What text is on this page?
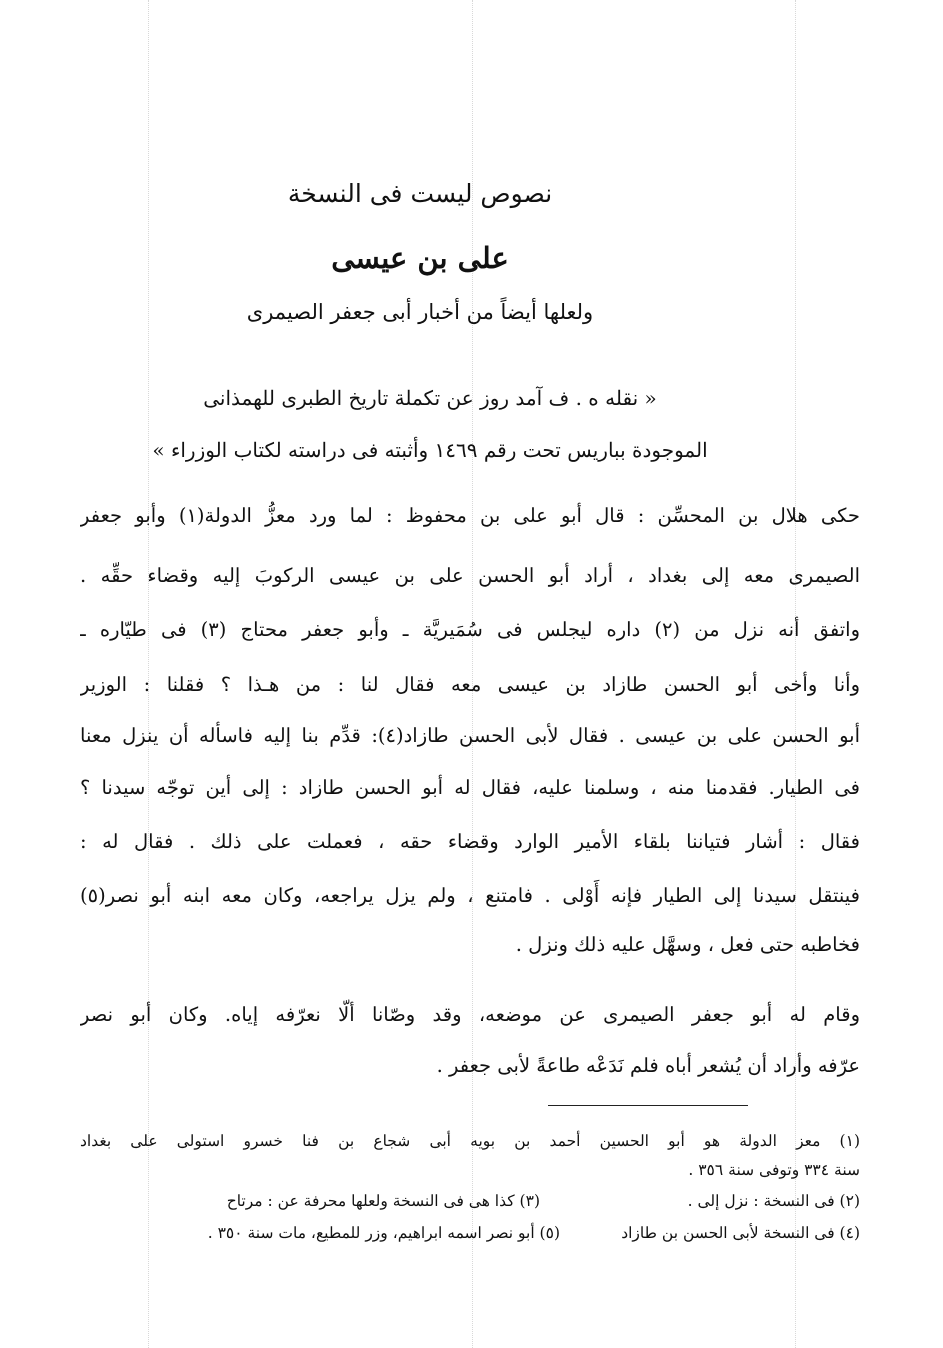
نصوص ليست فى النسخة
على بن عيسى
ولعلها أيضاً من أخبار أبى جعفر الصيمرى
« نقله ه . ف آمد روز عن تكملة تاريخ الطبرى للهمذانى
الموجودة بباريس تحت رقم ١٤٦٩ وأثبته فى دراسته لكتاب الوزراء »
حكى هلال بن المحسِّن : قال أبو على بن محفوظ : لما ورد معزُّ الدولة(١) وأبو جعفر
الصيمرى معه إلى بغداد ، أراد أبو الحسن على بن عيسى الركوبَ إليه وقضاء حقِّه .
واتفق أنه نزل من (٢) داره ليجلس فى سُمَيريَّة ـ وأبو جعفر محتاج (٣) فى طيّاره ـ
وأنا وأخى أبو الحسن طازاد بن عيسى معه فقال لنا : من هـذا ؟ فقلنا : الوزير
أبو الحسن على بن عيسى . فقال لأبى الحسن طازاد(٤): قدِّم بنا إليه فاسأله أن ينزل معنا
فى الطيار. فقدمنا منه ، وسلمنا عليه، فقال له أبو الحسن طازاد : إلى أين توجّه سيدنا ؟
فقال : أشار فتياننا بلقاء الأمير الوارد وقضاء حقه ، فعملت على ذلك . فقال له :
فينتقل سيدنا إلى الطيار فإنه أَوْلى . فامتنع ، ولم يزل يراجعه، وكان معه ابنه أبو نصر(٥)
فخاطبه حتى فعل ، وسهَّل عليه ذلك ونزل .
وقام له أبو جعفر الصيمرى عن موضعه، وقد وصّانا ألّا نعرّفه إياه. وكان أبو نصر
عرّفه وأراد أن يُشعر أباه فلم نَدَعْه طاعةً لأبى جعفر .
(١) معز الدولة هو أبو الحسين أحمد بن بويه أبى شجاع بن فنا خسرو استولى على بغداد
سنة ٣٣٤ وتوفى سنة ٣٥٦ .
(٢) فى النسخة : نزل إلى .
(٣) كذا هى فى النسخة ولعلها محرفة عن : مرتاح
(٤) فى النسخة لأبى الحسن بن طازاد
(٥) أبو نصر اسمه ابراهيم، وزر للمطيع، مات سنة ٣٥٠ .
